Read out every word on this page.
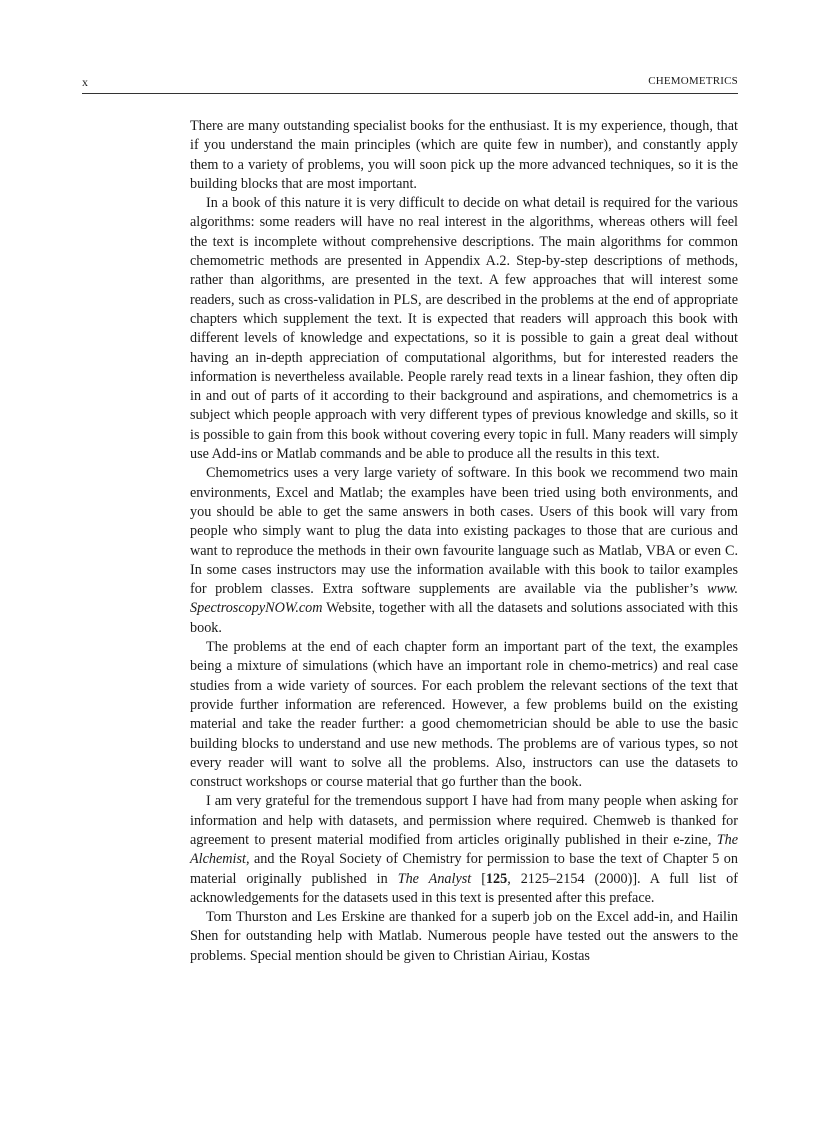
x	CHEMOMETRICS

There are many outstanding specialist books for the enthusiast. It is my experience, though, that if you understand the main principles (which are quite few in number), and constantly apply them to a variety of problems, you will soon pick up the more advanced techniques, so it is the building blocks that are most important.

In a book of this nature it is very difficult to decide on what detail is required for the various algorithms: some readers will have no real interest in the algorithms, whereas others will feel the text is incomplete without comprehensive descriptions. The main algorithms for common chemometric methods are presented in Appendix A.2. Step-by-step descriptions of methods, rather than algorithms, are presented in the text. A few approaches that will interest some readers, such as cross-validation in PLS, are described in the problems at the end of appropriate chapters which supplement the text. It is expected that readers will approach this book with different levels of knowledge and expectations, so it is possible to gain a great deal without having an in-depth appreciation of computational algorithms, but for interested readers the information is nevertheless available. People rarely read texts in a linear fashion, they often dip in and out of parts of it according to their background and aspirations, and chemometrics is a subject which people approach with very different types of previous knowledge and skills, so it is possible to gain from this book without covering every topic in full. Many readers will simply use Add-ins or Matlab commands and be able to produce all the results in this text.

Chemometrics uses a very large variety of software. In this book we recommend two main environments, Excel and Matlab; the examples have been tried using both environments, and you should be able to get the same answers in both cases. Users of this book will vary from people who simply want to plug the data into existing packages to those that are curious and want to reproduce the methods in their own favourite language such as Matlab, VBA or even C. In some cases instructors may use the information available with this book to tailor examples for problem classes. Extra software supplements are available via the publisher’s www. SpectroscopyNOW.com Website, together with all the datasets and solutions associated with this book.

The problems at the end of each chapter form an important part of the text, the examples being a mixture of simulations (which have an important role in chemo-metrics) and real case studies from a wide variety of sources. For each problem the relevant sections of the text that provide further information are referenced. However, a few problems build on the existing material and take the reader further: a good chemometrician should be able to use the basic building blocks to understand and use new methods. The problems are of various types, so not every reader will want to solve all the problems. Also, instructors can use the datasets to construct workshops or course material that go further than the book.

I am very grateful for the tremendous support I have had from many people when asking for information and help with datasets, and permission where required. Chemweb is thanked for agreement to present material modified from articles originally published in their e-zine, The Alchemist, and the Royal Society of Chemistry for permission to base the text of Chapter 5 on material originally published in The Analyst [125, 2125–2154 (2000)]. A full list of acknowledgements for the datasets used in this text is presented after this preface.

Tom Thurston and Les Erskine are thanked for a superb job on the Excel add-in, and Hailin Shen for outstanding help with Matlab. Numerous people have tested out the answers to the problems. Special mention should be given to Christian Airiau, Kostas
